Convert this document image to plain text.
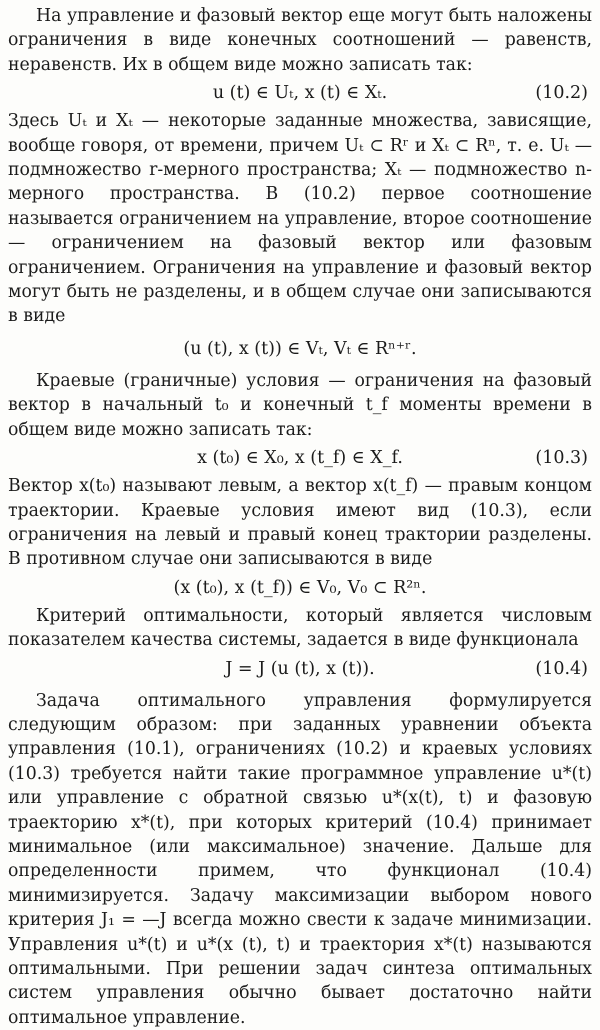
На управление и фазовый вектор еще могут быть наложены ограничения в виде конечных соотношений — равенств, неравенств. Их в общем виде можно записать так:

u (t) ∈ Uₜ, x (t) ∈ Xₜ.	(10.2)

Здесь Uₜ и Xₜ — некоторые заданные множества, зависящие, вообще говоря, от времени, причем Uₜ ⊂ Rʳ и Xₜ ⊂ Rⁿ, т. е. Uₜ — подмножество r-мерного пространства; Xₜ — подмножество n-мерного пространства. В (10.2) первое соотношение называется ограничением на управление, второе соотношение — ограничением на фазовый вектор или фазовым ограничением. Ограничения на управление и фазовый вектор могут быть не разделены, и в общем случае они записываются в виде

(u (t), x (t)) ∈ Vₜ, Vₜ ∈ Rⁿ⁺ʳ.

Краевые (граничные) условия — ограничения на фазовый вектор в начальный t₀ и конечный t_f моменты времени в общем виде можно записать так:

x (t₀) ∈ X₀, x (t_f) ∈ X_f.	(10.3)

Вектор x(t₀) называют левым, а вектор x(t_f) — правым концом траектории. Краевые условия имеют вид (10.3), если ограничения на левый и правый конец трактории разделены. В противном случае они записываются в виде

(x (t₀), x (t_f)) ∈ V₀, V₀ ⊂ R²ⁿ.

Критерий оптимальности, который является числовым показателем качества системы, задается в виде функционала

J = J (u (t), x (t)).	(10.4)

Задача оптимального управления формулируется следующим образом: при заданных уравнении объекта управления (10.1), ограничениях (10.2) и краевых условиях (10.3) требуется найти такие программное управление u*(t) или управление с обратной связью u*(x(t), t) и фазовую траекторию x*(t), при которых критерий (10.4) принимает минимальное (или максимальное) значение. Дальше для определенности примем, что функционал (10.4) минимизируется. Задачу максимизации выбором нового критерия J₁ = —J всегда можно свести к задаче минимизации. Управления u*(t) и u*(x (t), t) и траектория x*(t) называются оптимальными. При решении задач синтеза оптимальных систем управления обычно бывает достаточно найти оптимальное управление.
